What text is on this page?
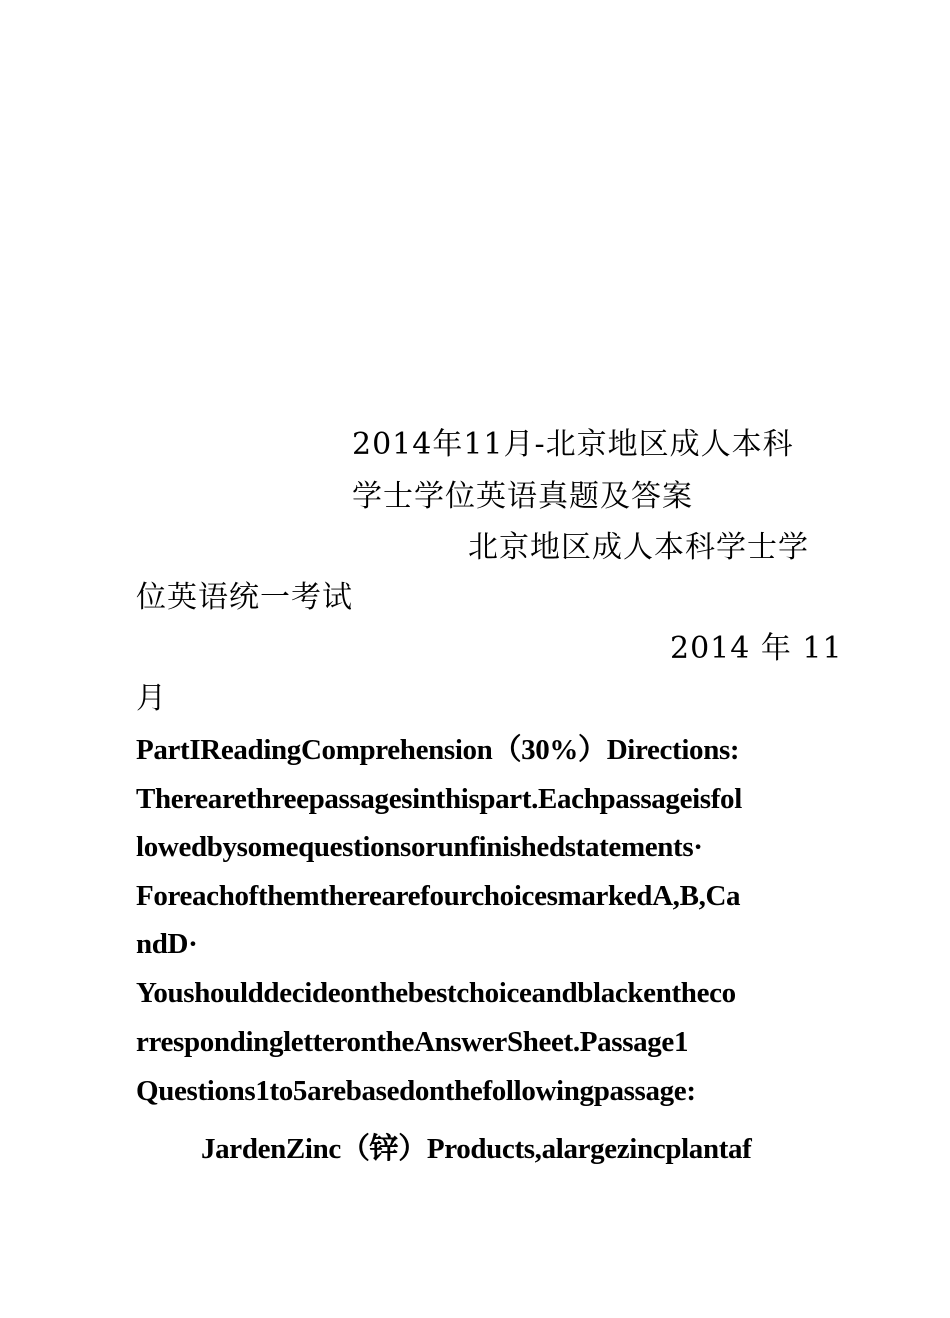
2014年11月-北京地区成人本科
学士学位英语真题及答案
北京地区成人本科学士学
位英语统一考试
2014 年 11
月
PartIReadingComprehension（30%）Directions:
Therearethreepassagesinthispart.Eachpassageisfol
lowedbysomequestionsorunfinishedstatements·
ForeachofthemtherearefourchoicesmarkedA,B,Ca
ndD·
Youshoulddecideonthebestchoiceandblackentheco
rrespondingletterontheAnswerSheet.Passage1
Questions1to5arebasedonthefollowingpassage:
JardenZinc（锌）Products,alargezincplantaf
